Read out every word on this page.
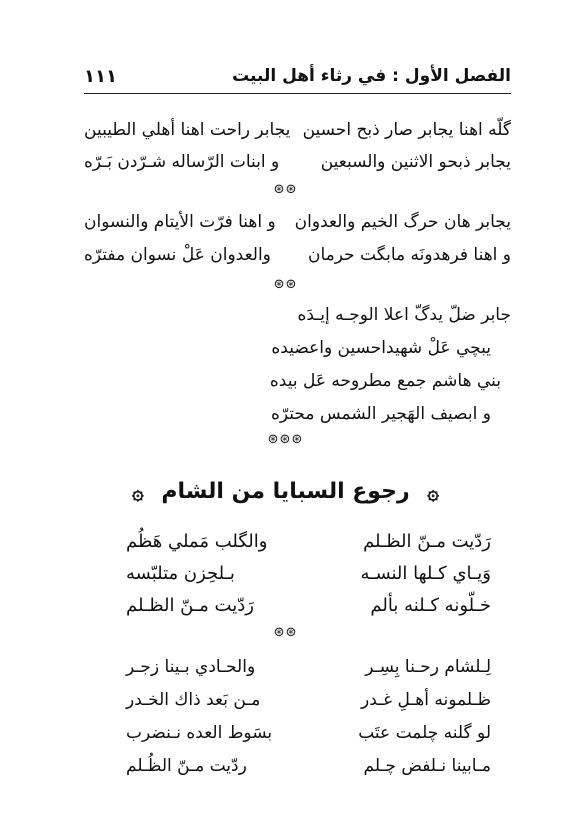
الفصل الأول : في رثاء أهل البيت
١١١
گلّه اهنا يجابر صار ذبح احسين
يجابر راحت اهنا أهلي الطيبين
يجابر ذبحو الاثنين والسبعين
و ابنات الرّساله شـرّدن بَـرّه
⊛⊛
يجابر هان حرگ الخيم والعدوان
و اهنا فرّت الأيتام والنسوان
و اهنا فرهدونَه مابگت حرمان
والعدوان عَلْ نسوان مفترّه
⊛⊛
جابر ضلّ يدگّ اعلا الوجـه إيـدَه
يبچي عَلْ شهيداحسين واعضيده
بني هاشم جمع مطروحه عَل بيده
و ابصيف الهَجير الشمس محترّه
⊛⊛⊛
۞ رجوع السبايا من الشام ۞
رَدّيت مـنّ الظـلم
والگلب مَملي هَظُم
وَيـاي كـلها النسـه
بـلحِزن متلبّسه
خـلّونه كـلنه بألم
رَدّيت مـنّ الظـلم
⊛⊛
لِـلشام رحـنا بِسِـر
والحـادي بـينا زجـر
ظـلمونه أهـلِ غـدر
مـن بَعد ذاك الخـدر
لو گلنه چلمت عتَب
بسَوط العده نـنضرب
مـابينا نـلفض چـلم
ردّيت مـنّ الظُـلم
